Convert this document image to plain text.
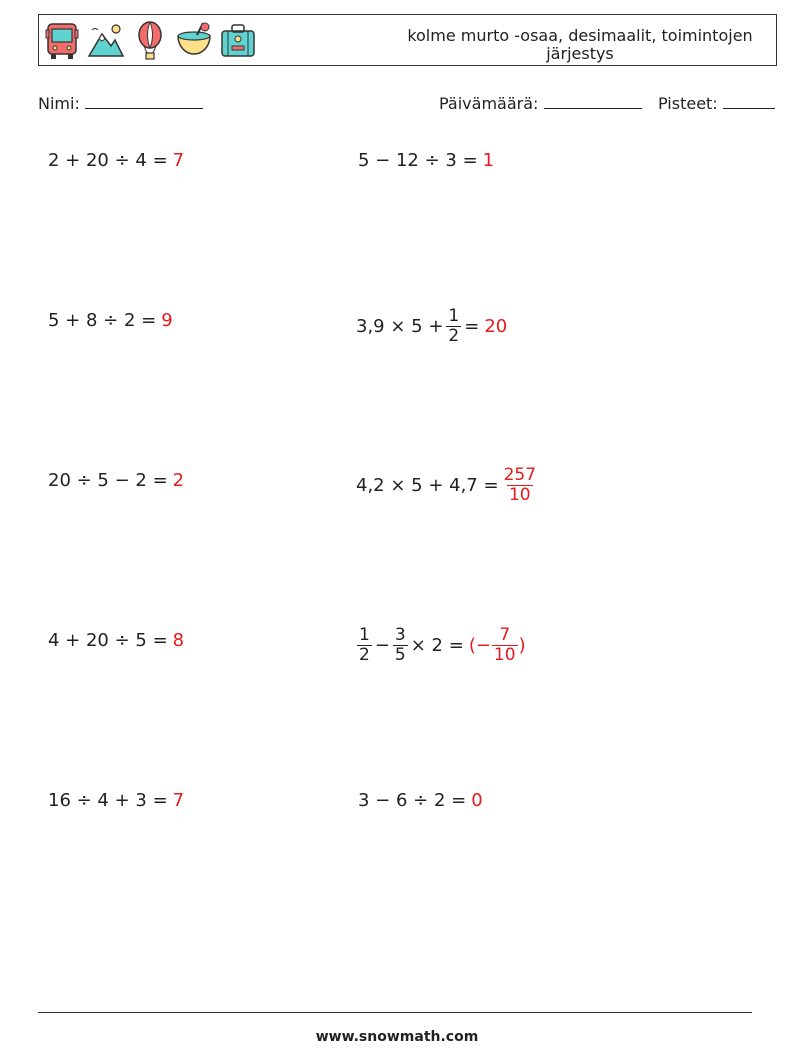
kolme murto -osaa, desimaalit, toimintojen järjestys
Nimi:	Päivämäärä:	Pisteet:
2 + 20 ÷ 4 = 7	5 − 12 ÷ 3 = 1
5 + 8 ÷ 2 = 9	$3,9 \times 5 + \frac{1}{2} = 20$
20 ÷ 5 − 2 = 2	$4,2 \times 5 + 4,7 = \frac{257}{10}$
4 + 20 ÷ 5 = 8	$\frac{1}{2} - \frac{3}{5} \times 2$ = (− $\frac{7}{10}$ )
16 ÷ 4 + 3 = 7	3 − 6 ÷ 2 = 0
www.snowmath.com
